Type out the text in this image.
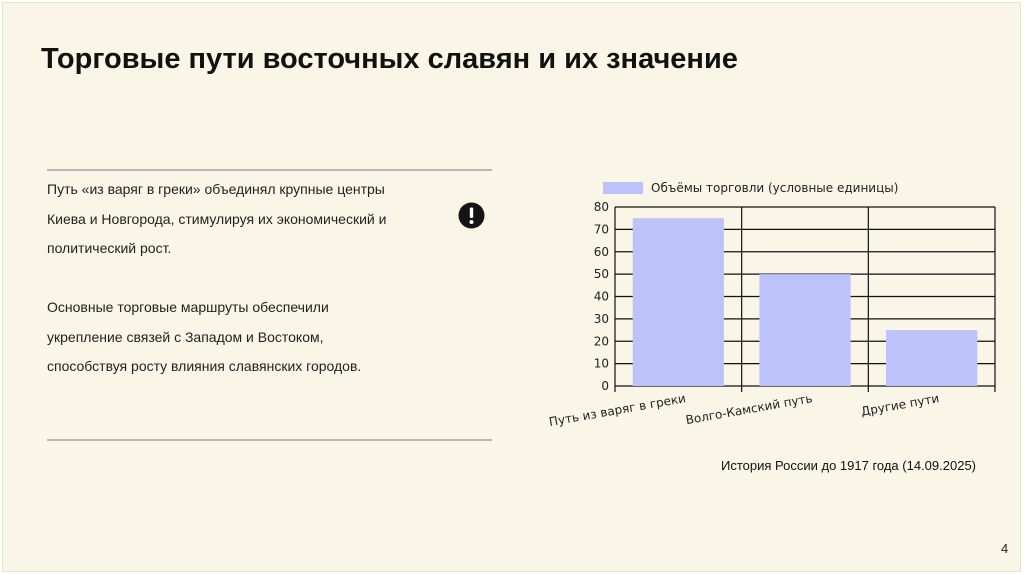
Торговые пути восточных славян и их значение
Путь «из варяг в греки» объединял крупные центры Киева и Новгорода, стимулируя их экономический и политический рост.
Основные торговые маршруты обеспечили укрепление связей с Западом и Востоком, способствуя росту влияния славянских городов.
Объёмы торговли (условные единицы)
0
10
20
30
40
50
60
70
80
Путь из варяг в греки
Волго-Камский путь	Другие пути
История России до 1917 года (14.09.2025)
4
